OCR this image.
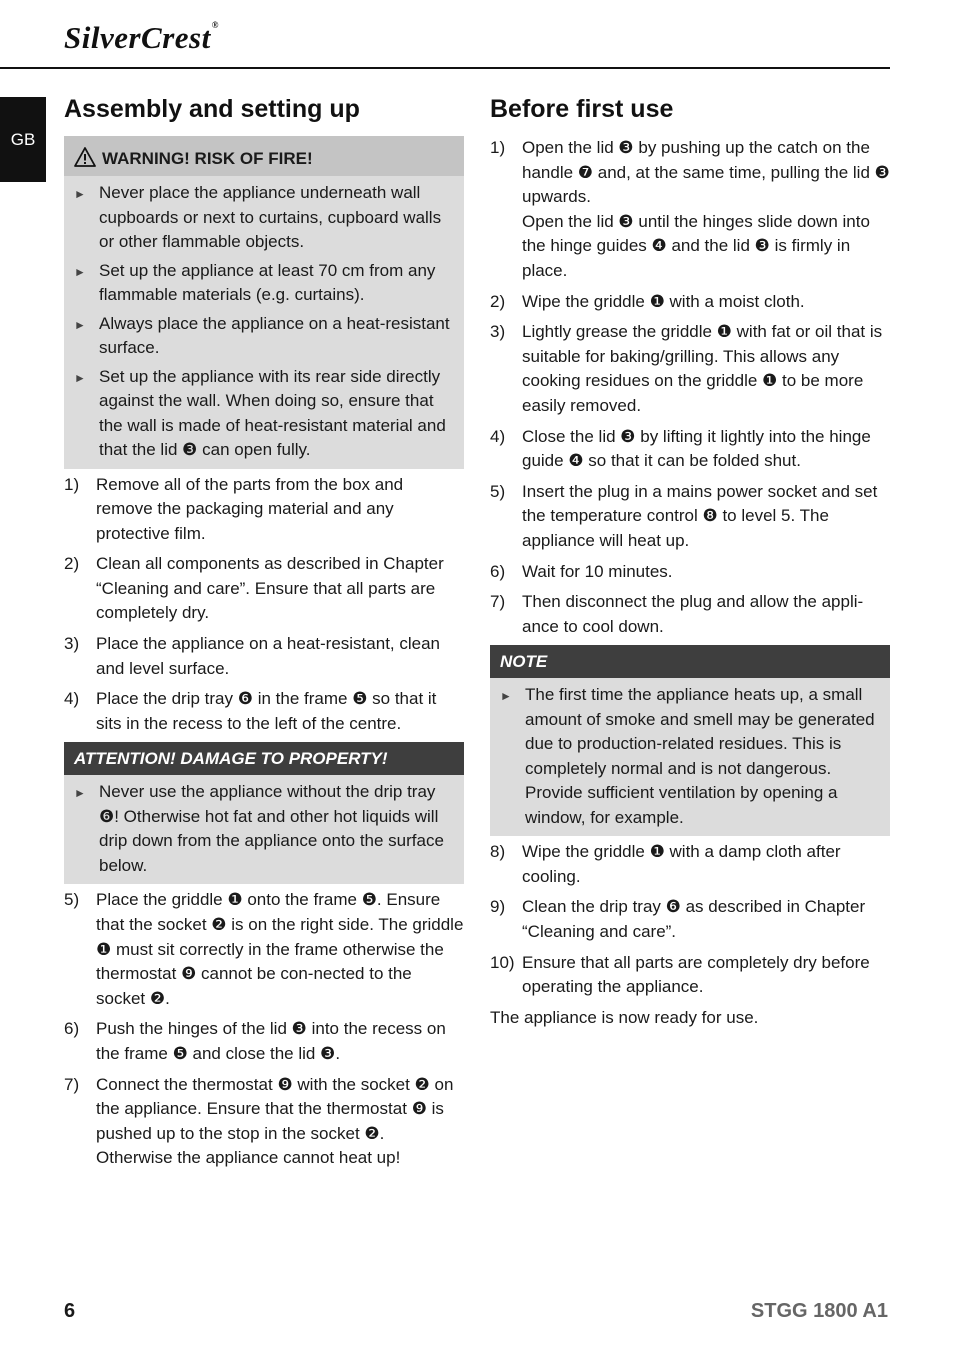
SilverCrest®
GB
Assembly and setting up
WARNING! RISK OF FIRE!
► Never place the appliance underneath wall cupboards or next to curtains, cupboard walls or other flammable objects.
► Set up the appliance at least 70 cm from any flammable materials (e.g. curtains).
► Always place the appliance on a heat-resistant surface.
► Set up the appliance with its rear side directly against the wall. When doing so, ensure that the wall is made of heat-resistant material and that the lid ❸ can open fully.
1) Remove all of the parts from the box and remove the packaging material and any protective film.
2) Clean all components as described in Chapter “Cleaning and care”. Ensure that all parts are completely dry.
3) Place the appliance on a heat-resistant, clean and level surface.
4) Place the drip tray ❻ in the frame ❺ so that it sits in the recess to the left of the centre.
ATTENTION! DAMAGE TO PROPERTY!
► Never use the appliance without the drip tray ❻! Otherwise hot fat and other hot liquids will drip down from the appliance onto the surface below.
5) Place the griddle ❶ onto the frame ❺. Ensure that the socket ❷ is on the right side. The griddle ❶ must sit correctly in the frame otherwise the thermostat ❾ cannot be con-nected to the socket ❷.
6) Push the hinges of the lid ❸ into the recess on the frame ❺ and close the lid ❸.
7) Connect the thermostat ❾ with the socket ❷ on the appliance. Ensure that the thermostat ❾ is pushed up to the stop in the socket ❷. Otherwise the appliance cannot heat up!
Before first use
1) Open the lid ❸ by pushing up the catch on the handle ❼ and, at the same time, pulling the lid ❸ upwards.
Open the lid ❸ until the hinges slide down into the hinge guides ❹ and the lid ❸ is firmly in place.
2) Wipe the griddle ❶ with a moist cloth.
3) Lightly grease the griddle ❶ with fat or oil that is suitable for baking/grilling. This allows any cooking residues on the griddle ❶ to be more easily removed.
4) Close the lid ❸ by lifting it lightly into the hinge guide ❹ so that it can be folded shut.
5) Insert the plug in a mains power socket and set the temperature control ❽ to level 5. The appliance will heat up.
6) Wait for 10 minutes.
7) Then disconnect the plug and allow the appli-ance to cool down.
NOTE
► The first time the appliance heats up, a small amount of smoke and smell may be generated due to production-related residues. This is completely normal and is not dangerous. Provide sufficient ventilation by opening a window, for example.
8) Wipe the griddle ❶ with a damp cloth after cooling.
9) Clean the drip tray ❻ as described in Chapter “Cleaning and care”.
10) Ensure that all parts are completely dry before operating the appliance.
The appliance is now ready for use.
6	STGG 1800 A1
